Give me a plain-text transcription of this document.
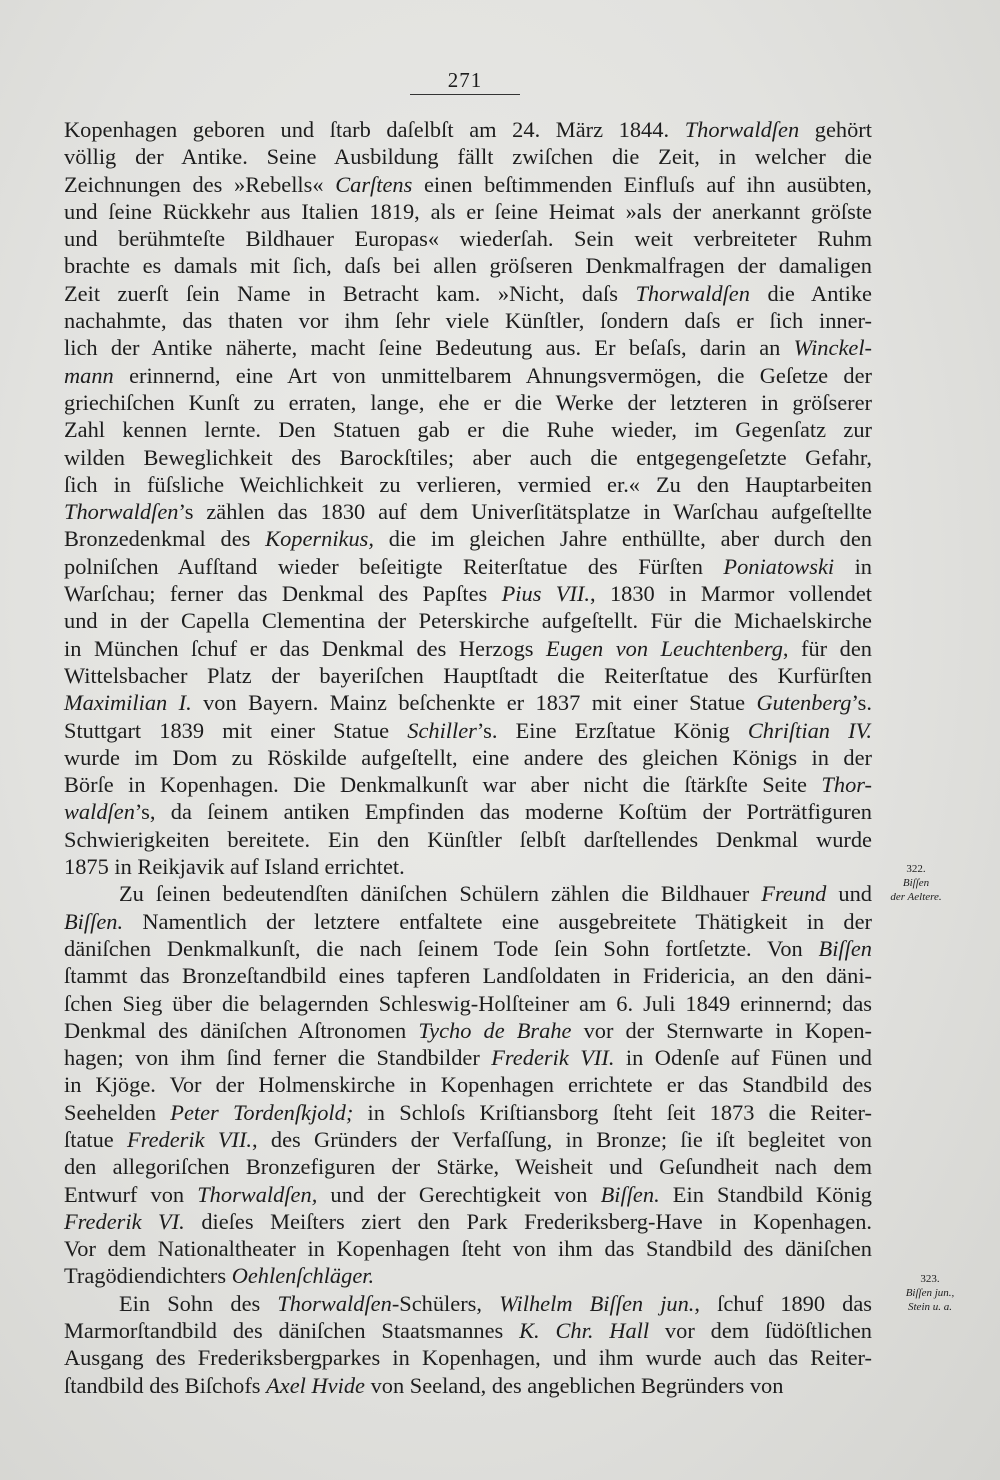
271
Kopenhagen geboren und ſtarb daſelbſt am 24. März 1844. Thorwaldſen gehört
völlig der Antike. Seine Ausbildung fällt zwiſchen die Zeit, in welcher die
Zeichnungen des »Rebells« Carſtens einen beſtimmenden Einfluſs auf ihn ausübten,
und ſeine Rückkehr aus Italien 1819, als er ſeine Heimat »als der anerkannt gröſste
und berühmteſte Bildhauer Europas« wiederſah. Sein weit verbreiteter Ruhm
brachte es damals mit ſich, daſs bei allen gröſseren Denkmalfragen der damaligen
Zeit zuerſt ſein Name in Betracht kam. »Nicht, daſs Thorwaldſen die Antike
nachahmte, das thaten vor ihm ſehr viele Künſtler, ſondern daſs er ſich inner-
lich der Antike näherte, macht ſeine Bedeutung aus. Er beſaſs, darin an Winckel-
mann erinnernd, eine Art von unmittelbarem Ahnungsvermögen, die Geſetze der
griechiſchen Kunſt zu erraten, lange, ehe er die Werke der letzteren in gröſserer
Zahl kennen lernte. Den Statuen gab er die Ruhe wieder, im Gegenſatz zur
wilden Beweglichkeit des Barockſtiles; aber auch die entgegengeſetzte Gefahr,
ſich in füſsliche Weichlichkeit zu verlieren, vermied er.« Zu den Hauptarbeiten
Thorwaldſen’s zählen das 1830 auf dem Univerſitätsplatze in Warſchau aufgeſtellte
Bronzedenkmal des Kopernikus, die im gleichen Jahre enthüllte, aber durch den
polniſchen Aufſtand wieder beſeitigte Reiterſtatue des Fürſten Poniatowski in
Warſchau; ferner das Denkmal des Papſtes Pius VII., 1830 in Marmor vollendet
und in der Capella Clementina der Peterskirche aufgeſtellt. Für die Michaelskirche
in München ſchuf er das Denkmal des Herzogs Eugen von Leuchtenberg, für den
Wittelsbacher Platz der bayeriſchen Hauptſtadt die Reiterſtatue des Kurfürſten
Maximilian I. von Bayern. Mainz beſchenkte er 1837 mit einer Statue Gutenberg’s.
Stuttgart 1839 mit einer Statue Schiller’s. Eine Erzſtatue König Chriſtian IV.
wurde im Dom zu Röskilde aufgeſtellt, eine andere des gleichen Königs in der
Börſe in Kopenhagen. Die Denkmalkunſt war aber nicht die ſtärkſte Seite Thor-
waldſen’s, da ſeinem antiken Empfinden das moderne Koſtüm der Porträtfiguren
Schwierigkeiten bereitete. Ein den Künſtler ſelbſt darſtellendes Denkmal wurde
1875 in Reikjavik auf Island errichtet.
Zu ſeinen bedeutendſten däniſchen Schülern zählen die Bildhauer Freund und
Biſſen. Namentlich der letztere entfaltete eine ausgebreitete Thätigkeit in der
däniſchen Denkmalkunſt, die nach ſeinem Tode ſein Sohn fortſetzte. Von Biſſen
ſtammt das Bronzeſtandbild eines tapferen Landſoldaten in Fridericia, an den däni-
ſchen Sieg über die belagernden Schleswig-Holſteiner am 6. Juli 1849 erinnernd; das
Denkmal des däniſchen Aſtronomen Tycho de Brahe vor der Sternwarte in Kopen-
hagen; von ihm ſind ferner die Standbilder Frederik VII. in Odenſe auf Fünen und
in Kjöge. Vor der Holmenskirche in Kopenhagen errichtete er das Standbild des
Seehelden Peter Tordenſkjold; in Schloſs Kriſtiansborg ſteht ſeit 1873 die Reiter-
ſtatue Frederik VII., des Gründers der Verfaſſung, in Bronze; ſie iſt begleitet von
den allegoriſchen Bronzefiguren der Stärke, Weisheit und Geſundheit nach dem
Entwurf von Thorwaldſen, und der Gerechtigkeit von Biſſen. Ein Standbild König
Frederik VI. dieſes Meiſters ziert den Park Frederiksberg-Have in Kopenhagen.
Vor dem Nationaltheater in Kopenhagen ſteht von ihm das Standbild des däniſchen
Tragödiendichters Oehlenſchläger.
Ein Sohn des Thorwaldſen-Schülers, Wilhelm Biſſen jun., ſchuf 1890 das
Marmorſtandbild des däniſchen Staatsmannes K. Chr. Hall vor dem ſüdöſtlichen
Ausgang des Frederiksbergparkes in Kopenhagen, und ihm wurde auch das Reiter-
ſtandbild des Biſchofs Axel Hvide von Seeland, des angeblichen Begründers von
322.
Biſſen
der Aeltere.
323.
Biſſen jun.,
Stein u. a.
